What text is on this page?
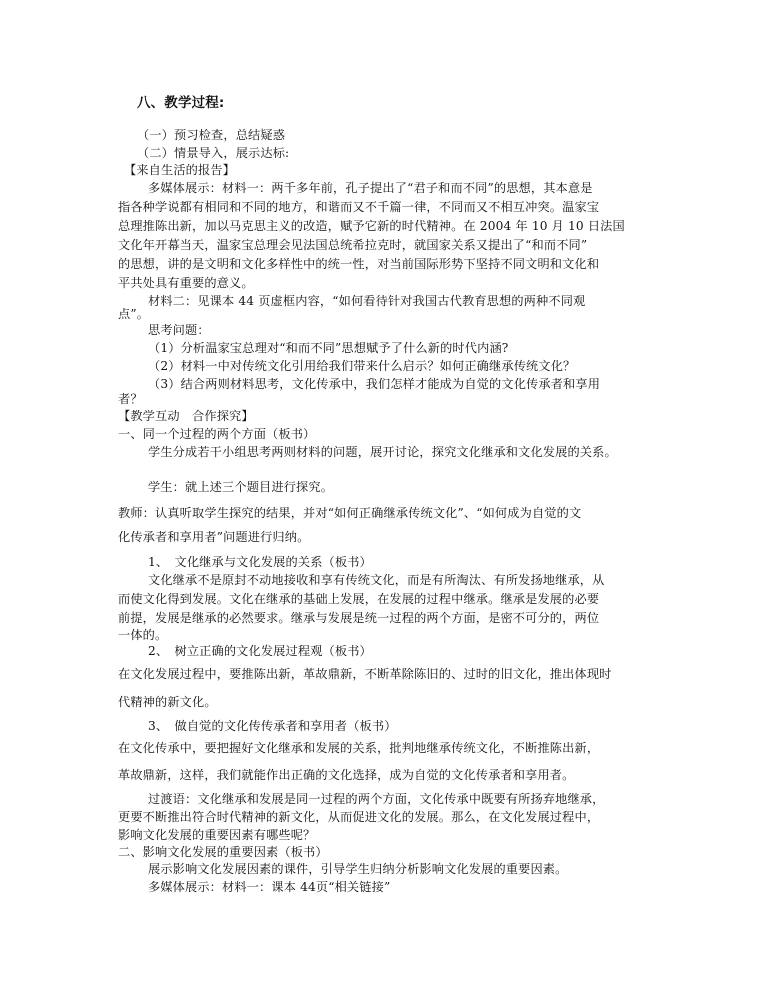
八、教学过程:
（一）预习检查，总结疑惑
（二）情景导入，展示达标:
【来自生活的报告】
多媒体展示：材料一：两千多年前，孔子提出了“君子和而不同”的思想，其本意是
指各种学说都有相同和不同的地方，和谐而又不千篇一律，不同而又不相互冲突。温家宝
总理推陈出新，加以马克思主义的改造，赋予它新的时代精神。在 2004 年 10 月 10 日法国
文化年开幕当天，温家宝总理会见法国总统希拉克时，就国家关系又提出了“和而不同”
的思想，讲的是文明和文化多样性中的统一性，对当前国际形势下坚持不同文明和文化和
平共处具有重要的意义。
材料二：见课本 44 页虚框内容，“如何看待针对我国古代教育思想的两种不同观
点”。
思考问题：
（1）分析温家宝总理对“和而不同”思想赋予了什么新的时代内涵?
（2）材料一中对传统文化引用给我们带来什么启示？如何正确继承传统文化？
（3）结合两则材料思考，文化传承中，我们怎样才能成为自觉的文化传承者和享用
者？
【教学互动　合作探究】
一、同一个过程的两个方面（板书）
学生分成若干小组思考两则材料的问题，展开讨论，探究文化继承和文化发展的关系。
学生：就上述三个题目进行探究。
教师：认真听取学生探究的结果，并对“如何正确继承传统文化”、“如何成为自觉的文
化传承者和享用者”问题进行归纳。
1、　文化继承与文化发展的关系（板书）
文化继承不是原封不动地接收和享有传统文化，而是有所淘汰、有所发扬地继承，从
而使文化得到发展。文化在继承的基础上发展，在发展的过程中继承。继承是发展的必要
前提，发展是继承的必然要求。继承与发展是统一过程的两个方面，是密不可分的，两位
一体的。
2、　树立正确的文化发展过程观（板书）
在文化发展过程中，要推陈出新，革故鼎新，不断革除陈旧的、过时的旧文化，推出体现时
代精神的新文化。
3、　做自觉的文化传传承者和享用者（板书）
在文化传承中，要把握好文化继承和发展的关系，批判地继承传统文化，不断推陈出新，
革故鼎新，这样，我们就能作出正确的文化选择，成为自觉的文化传承者和享用者。
过渡语：文化继承和发展是同一过程的两个方面，文化传承中既要有所扬弃地继承，
更要不断推出符合时代精神的新文化，从而促进文化的发展。那么，在文化发展过程中，
影响文化发展的重要因素有哪些呢？
二、影响文化发展的重要因素（板书）
展示影响文化发展因素的课件，引导学生归纳分析影响文化发展的重要因素。
多媒体展示：材料一：课本 44页“相关链接”
